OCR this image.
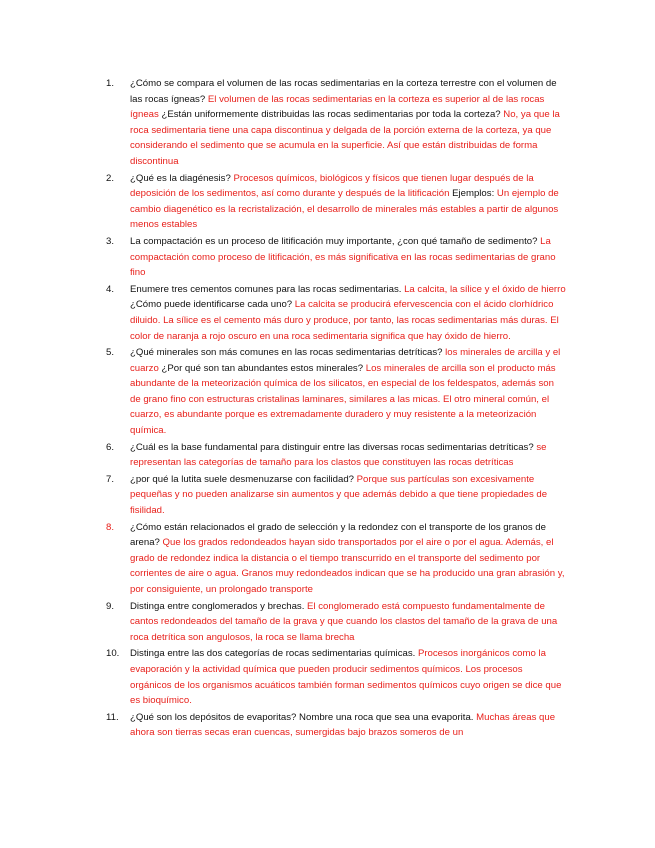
1. ¿Cómo se compara el volumen de las rocas sedimentarias en la corteza terrestre con el volumen de las rocas ígneas? El volumen de las rocas sedimentarias en la corteza es superior al de las rocas ígneas ¿Están uniformemente distribuidas las rocas sedimentarias por toda la corteza? No, ya que la roca sedimentaria tiene una capa discontinua y delgada de la porción externa de la corteza, ya que considerando el sedimento que se acumula en la superficie. Así que están distribuidas de forma discontinua
2. ¿Qué es la diagénesis? Procesos químicos, biológicos y físicos que tienen lugar después de la deposición de los sedimentos, así como durante y después de la litificación Ejemplos: Un ejemplo de cambio diagenético es la recristalización, el desarrollo de minerales más estables a partir de algunos menos estables
3. La compactación es un proceso de litificación muy importante, ¿con qué tamaño de sedimento? La compactación como proceso de litificación, es más significativa en las rocas sedimentarias de grano fino
4. Enumere tres cementos comunes para las rocas sedimentarias. La calcita, la sílice y el óxido de hierro ¿Cómo puede identificarse cada uno? La calcita se producirá efervescencia con el ácido clorhídrico diluido. La sílice es el cemento más duro y produce, por tanto, las rocas sedimentarias más duras. El color de naranja a rojo oscuro en una roca sedimentaria significa que hay óxido de hierro.
5. ¿Qué minerales son más comunes en las rocas sedimentarias detríticas? los minerales de arcilla y el cuarzo ¿Por qué son tan abundantes estos minerales? Los minerales de arcilla son el producto más abundante de la meteorización química de los silicatos, en especial de los feldespatos, además son de grano fino con estructuras cristalinas laminares, similares a las micas. El otro mineral común, el cuarzo, es abundante porque es extremadamente duradero y muy resistente a la meteorización química.
6. ¿Cuál es la base fundamental para distinguir entre las diversas rocas sedimentarias detríticas? se representan las categorías de tamaño para los clastos que constituyen las rocas detríticas
7. ¿por qué la lutita suele desmenuzarse con facilidad? Porque sus partículas son excesivamente pequeñas y no pueden analizarse sin aumentos y que además debido a que tiene propiedades de fisilidad.
8. ¿Cómo están relacionados el grado de selección y la redondez con el transporte de los granos de arena? Que los grados redondeados hayan sido transportados por el aire o por el agua. Además, el grado de redondez indica la distancia o el tiempo transcurrido en el transporte del sedimento por corrientes de aire o agua. Granos muy redondeados indican que se ha producido una gran abrasión y, por consiguiente, un prolongado transporte
9. Distinga entre conglomerados y brechas. El conglomerado está compuesto fundamentalmente de cantos redondeados del tamaño de la grava y que cuando los clastos del tamaño de la grava de una roca detrítica son angulosos, la roca se llama brecha
10. Distinga entre las dos categorías de rocas sedimentarias químicas. Procesos inorgánicos como la evaporación y la actividad química que pueden producir sedimentos químicos. Los procesos orgánicos de los organismos acuáticos también forman sedimentos químicos cuyo origen se dice que es bioquímico.
11. ¿Qué son los depósitos de evaporitas? Nombre una roca que sea una evaporita. Muchas áreas que ahora son tierras secas eran cuencas, sumergidas bajo brazos someros de un
